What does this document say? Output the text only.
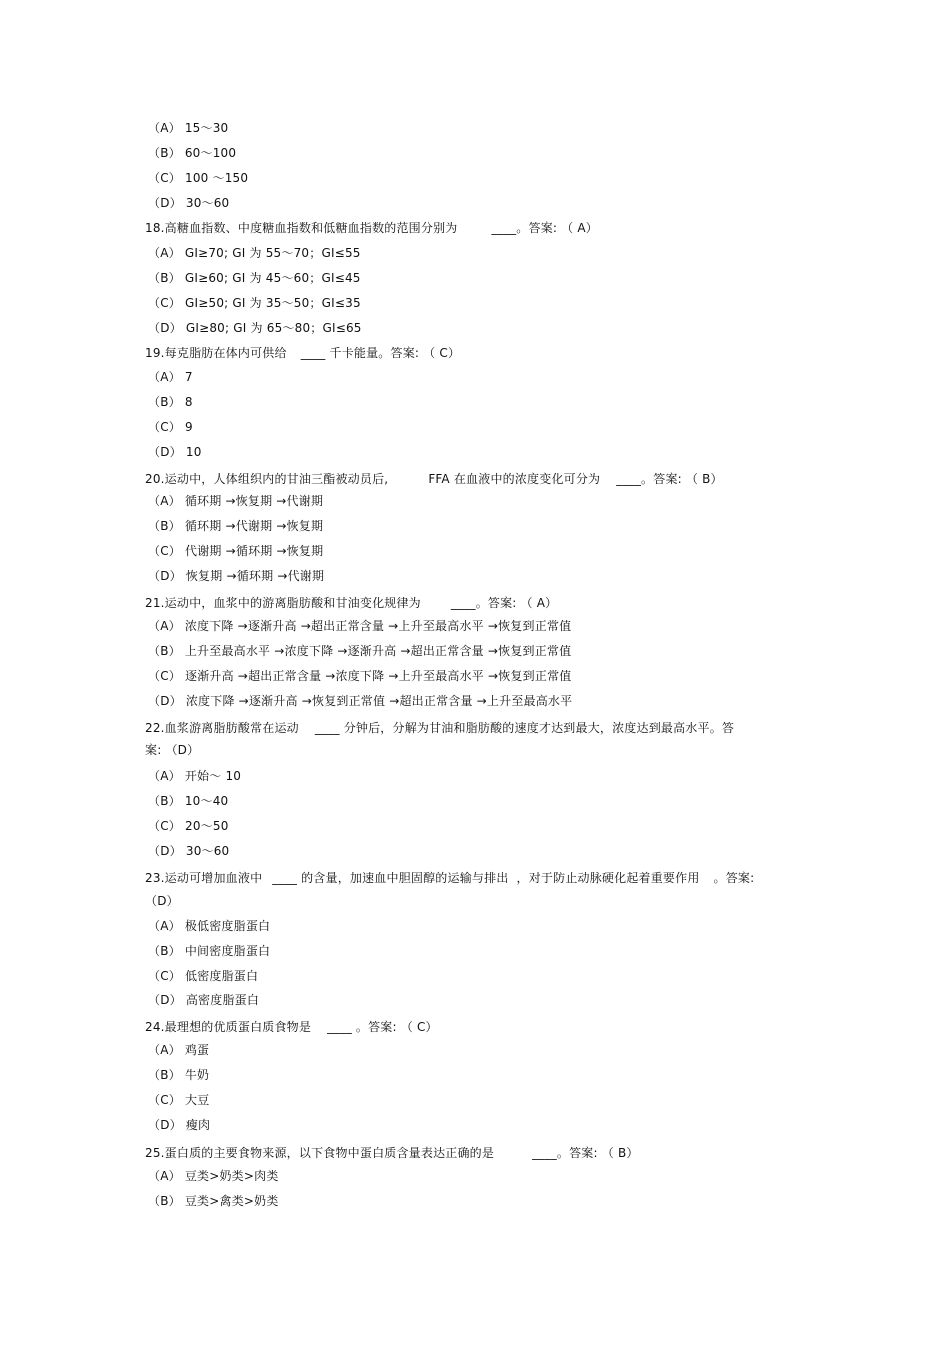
（A） 15～30
（B） 60～100
（C） 100 ～150
（D） 30～60
18.高糖血指数、中度糖血指数和低糖血指数的范围分别为	____。答案: （ A）
（A） GI≥70; GI 为 55～70；GI≤55
（B） GI≥60; GI 为 45～60；GI≤45
（C） GI≥50; GI 为 35～50；GI≤35
（D） GI≥80; GI 为 65～80；GI≤65
19.每克脂肪在体内可供给 ____ 千卡能量。答案: （ C）
（A） 7
（B） 8
（C） 9
（D） 10
20.运动中，人体组织内的甘油三酯被动员后,	FFA 在血液中的浓度变化可分为 ____。答案: （ B）
（A） 循环期 →恢复期 →代谢期
（B） 循环期 →代谢期 →恢复期
（C） 代谢期 →循环期 →恢复期
（D） 恢复期 →循环期 →代谢期
21.运动中，血浆中的游离脂肪酸和甘油变化规律为	____。答案: （ A）
（A） 浓度下降 →逐渐升高 →超出正常含量 →上升至最高水平 →恢复到正常值
（B） 上升至最高水平 →浓度下降 →逐渐升高 →超出正常含量 →恢复到正常值
（C） 逐渐升高 →超出正常含量 →浓度下降 →上升至最高水平 →恢复到正常值
（D） 浓度下降 →逐渐升高 →恢复到正常值 →超出正常含量 →上升至最高水平
22.血浆游离脂肪酸常在运动 ____ 分钟后，分解为甘油和脂肪酸的速度才达到最大，浓度达到最高水平。答
案: （D）
（A） 开始～ 10
（B） 10～40
（C） 20～50
（D） 30～60
23.运动可增加血液中 ____ 的含量，加速血中胆固醇的运输与排出 ，对于防止动脉硬化起着重要作用 。答案:
（D）
（A） 极低密度脂蛋白
（B） 中间密度脂蛋白
（C） 低密度脂蛋白
（D） 高密度脂蛋白
24.最理想的优质蛋白质食物是 ____ 。答案: （ C）
（A） 鸡蛋
（B） 牛奶
（C） 大豆
（D） 瘦肉
25.蛋白质的主要食物来源，以下食物中蛋白质含量表达正确的是	____。答案: （ B）
（A） 豆类>奶类>肉类
（B） 豆类>禽类>奶类
